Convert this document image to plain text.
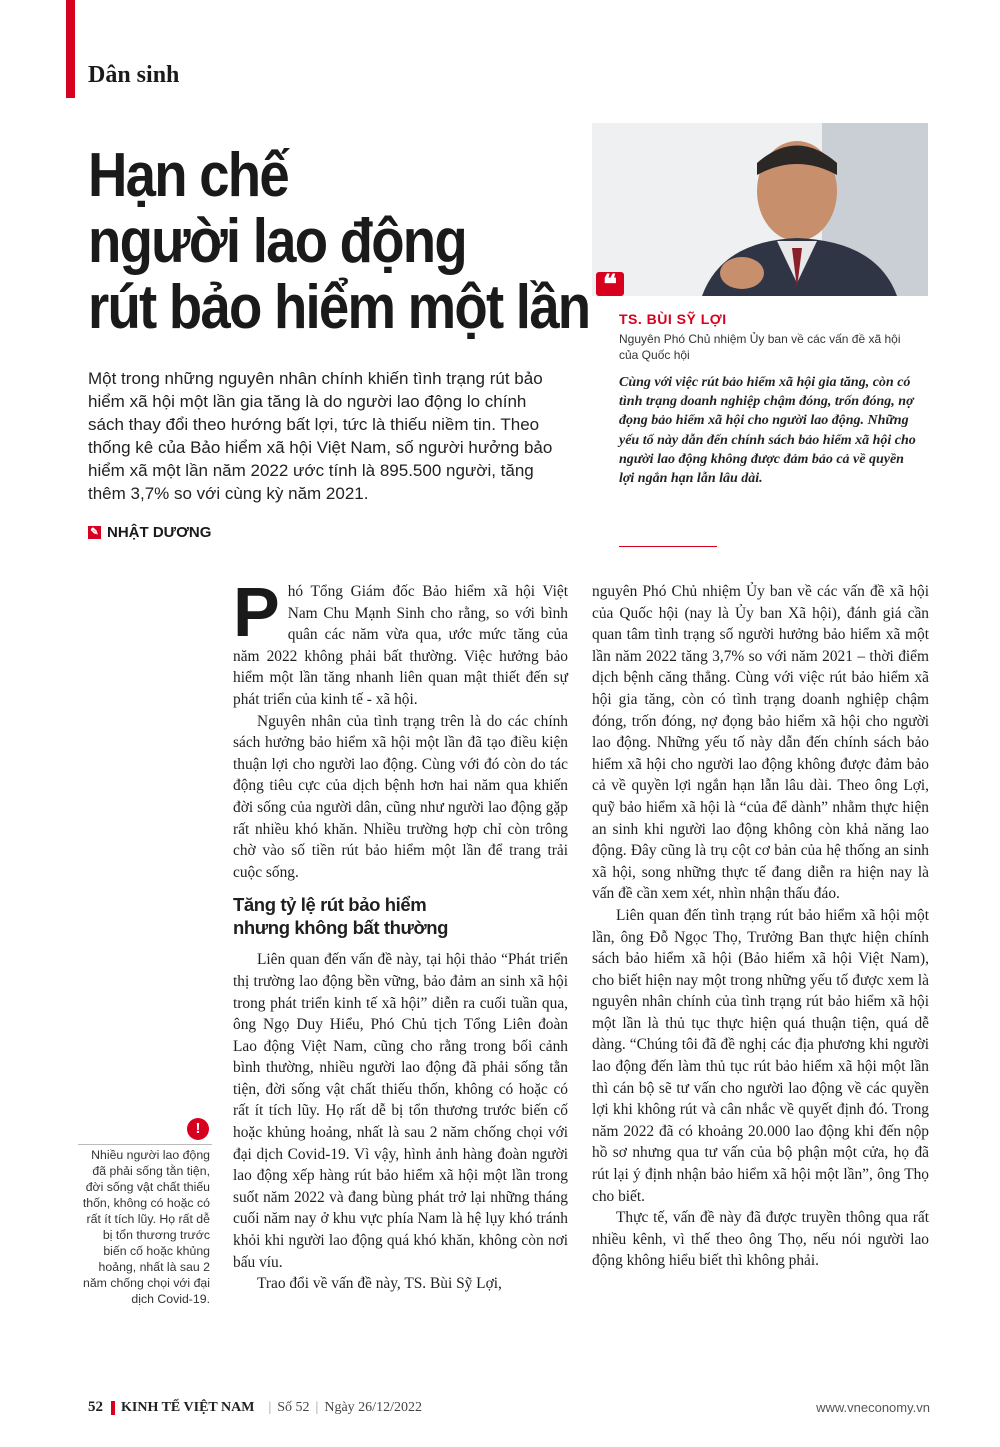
Dân sinh
Hạn chế
người lao động
rút bảo hiểm một lần
Một trong những nguyên nhân chính khiến tình trạng rút bảo hiểm xã hội một lần gia tăng là do người lao động lo chính sách thay đổi theo hướng bất lợi, tức là thiếu niềm tin. Theo thống kê của Bảo hiểm xã hội Việt Nam, số người hưởng bảo hiểm xã một lần năm 2022 ước tính là 895.500 người, tăng thêm 3,7% so với cùng kỳ năm 2021.
✎ NHẬT DƯƠNG
❝
TS. BÙI SỸ LỢI
Nguyên Phó Chủ nhiệm Ủy ban về các vấn đề xã hội của Quốc hội
Cùng với việc rút bảo hiểm xã hội gia tăng, còn có tình trạng doanh nghiệp chậm đóng, trốn đóng, nợ đọng bảo hiểm xã hội cho người lao động. Những yếu tố này dẫn đến chính sách bảo hiểm xã hội cho người lao động không được đảm bảo cả về quyền lợi ngắn hạn lẫn lâu dài.

Phó Tổng Giám đốc Bảo hiểm xã hội Việt Nam Chu Mạnh Sinh cho rằng, so với bình quân các năm vừa qua, ước mức tăng của năm 2022 không phải bất thường. Việc hưởng bảo hiểm một lần tăng nhanh liên quan mật thiết đến sự phát triển của kinh tế - xã hội.

Nguyên nhân của tình trạng trên là do các chính sách hưởng bảo hiểm xã hội một lần đã tạo điều kiện thuận lợi cho người lao động. Cùng với đó còn do tác động tiêu cực của dịch bệnh hơn hai năm qua khiến đời sống của người dân, cũng như người lao động gặp rất nhiều khó khăn. Nhiều trường hợp chỉ còn trông chờ vào số tiền rút bảo hiểm một lần để trang trải cuộc sống.

Tăng tỷ lệ rút bảo hiểm
nhưng không bất thường

Liên quan đến vấn đề này, tại hội thảo “Phát triển thị trường lao động bền vững, bảo đảm an sinh xã hội trong phát triển kinh tế xã hội” diễn ra cuối tuần qua, ông Ngọ Duy Hiểu, Phó Chủ tịch Tổng Liên đoàn Lao động Việt Nam, cũng cho rằng trong bối cảnh bình thường, nhiều người lao động đã phải sống tằn tiện, đời sống vật chất thiếu thốn, không có hoặc có rất ít tích lũy. Họ rất dễ bị tổn thương trước biến cố hoặc khủng hoảng, nhất là sau 2 năm chống chọi với đại dịch Covid-19. Vì vậy, hình ảnh hàng đoàn người lao động xếp hàng rút bảo hiểm xã hội một lần trong suốt năm 2022 và đang bùng phát trở lại những tháng cuối năm nay ở khu vực phía Nam là hệ lụy khó tránh khỏi khi người lao động quá khó khăn, không còn nơi bấu víu.

Trao đổi về vấn đề này, TS. Bùi Sỹ Lợi,

nguyên Phó Chủ nhiệm Ủy ban về các vấn đề xã hội của Quốc hội (nay là Ủy ban Xã hội), đánh giá cần quan tâm tình trạng số người hưởng bảo hiểm xã một lần năm 2022 tăng 3,7% so với năm 2021 – thời điểm dịch bệnh căng thẳng. Cùng với việc rút bảo hiểm xã hội gia tăng, còn có tình trạng doanh nghiệp chậm đóng, trốn đóng, nợ đọng bảo hiểm xã hội cho người lao động. Những yếu tố này dẫn đến chính sách bảo hiểm xã hội cho người lao động không được đảm bảo cả về quyền lợi ngắn hạn lẫn lâu dài. Theo ông Lợi, quỹ bảo hiểm xã hội là “của để dành” nhằm thực hiện an sinh khi người lao động không còn khả năng lao động. Đây cũng là trụ cột cơ bản của hệ thống an sinh xã hội, song những thực tế đang diễn ra hiện nay là vấn đề cần xem xét, nhìn nhận thấu đáo.

Liên quan đến tình trạng rút bảo hiểm xã hội một lần, ông Đỗ Ngọc Thọ, Trưởng Ban thực hiện chính sách bảo hiểm xã hội (Bảo hiểm xã hội Việt Nam), cho biết hiện nay một trong những yếu tố được xem là nguyên nhân chính của tình trạng rút bảo hiểm xã hội một lần là thủ tục thực hiện quá thuận tiện, quá dễ dàng. “Chúng tôi đã đề nghị các địa phương khi người lao động đến làm thủ tục rút bảo hiểm xã hội một lần thì cán bộ sẽ tư vấn cho người lao động về các quyền lợi khi không rút và cân nhắc về quyết định đó. Trong năm 2022 đã có khoảng 20.000 lao động khi đến nộp hồ sơ nhưng qua tư vấn của bộ phận một cửa, họ đã rút lại ý định nhận bảo hiểm xã hội một lần”, ông Thọ cho biết.

Thực tế, vấn đề này đã được truyền thông qua rất nhiều kênh, vì thế theo ông Thọ, nếu nói người lao động không hiểu biết thì không phải.

!
Nhiều người lao động đã phải sống tằn tiện, đời sống vật chất thiếu thốn, không có hoặc có rất ít tích lũy. Họ rất dễ bị tổn thương trước biến cố hoặc khủng hoảng, nhất là sau 2 năm chống chọi với đại dịch Covid-19.
52 KINH TẾ VIỆT NAM | Số 52 | Ngày 26/12/2022	www.vneconomy.vn
